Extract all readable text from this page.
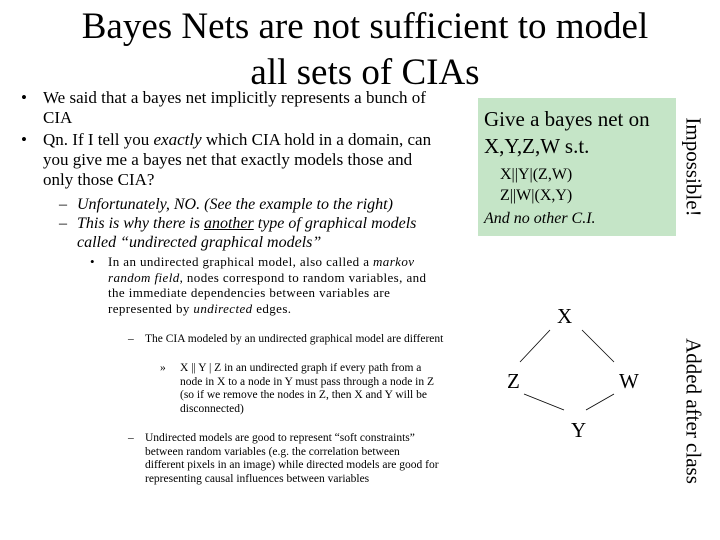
Bayes Nets are not sufficient to model all sets of CIAs
• We said that a bayes net implicitly represents a bunch of CIA
• Qn. If I tell you exactly which CIA hold in a domain, can you give me a bayes net that exactly models those and only those CIA?
– Unfortunately, NO. (See the example to the right)
– This is why there is another type of graphical models called “undirected graphical models”
• In an undirected graphical model, also called a markov random field, nodes correspond to random variables, and the immediate dependencies between variables are represented by undirected edges.
– The CIA modeled by an undirected graphical model are different
» X || Y | Z in an undirected graph if every path from a node in X to a node in Y must pass through a node in Z (so if we remove the nodes in Z, then X and Y will be disconnected)
– Undirected models are good to represent “soft constraints” between random variables (e.g. the correlation between different pixels in an image) while directed models are good for representing causal influences between variables
Give a bayes net on
X,Y,Z,W s.t.
X||Y|(Z,W)
Z||W|(X,Y)
And no other C.I.
Impossible!
Added after class
X
Z	W
Y
